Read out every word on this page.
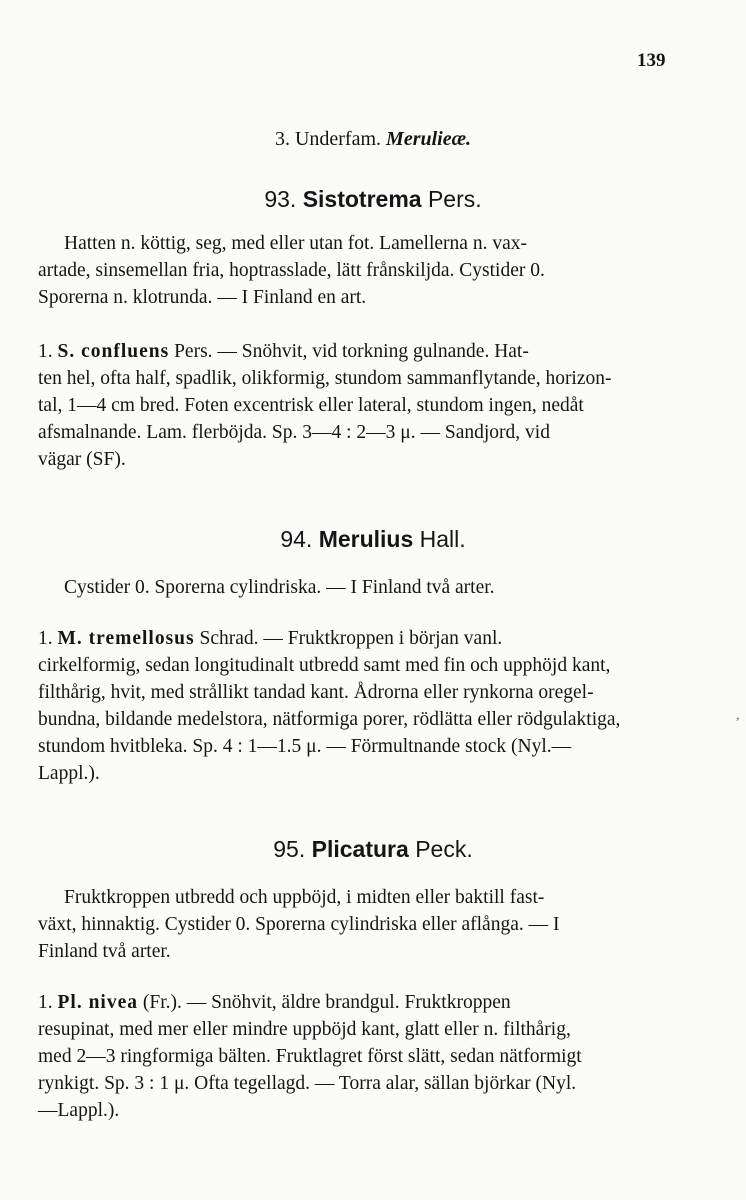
139
3. Underfam. Merulieæ.
93. Sistotrema Pers.
Hatten n. köttig, seg, med eller utan fot. Lamellerna n. vax-
artade, sinsemellan fria, hoptrasslade, lätt frånskiljda. Cystider 0.
Sporerna n. klotrunda. — I Finland en art.
1. S. confluens Pers. — Snöhvit, vid torkning gulnande. Hat-
ten hel, ofta half, spadlik, olikformig, stundom sammanflytande, horizon-
tal, 1—4 cm bred. Foten excentrisk eller lateral, stundom ingen, nedåt
afsmalnande. Lam. flerböjda. Sp. 3—4 : 2—3 μ. — Sandjord, vid
vägar (SF).
94. Merulius Hall.
Cystider 0. Sporerna cylindriska. — I Finland två arter.
1. M. tremellosus Schrad. — Fruktkroppen i början vanl.
cirkelformig, sedan longitudinalt utbredd samt med fin och upphöjd kant,
filthårig, hvit, med strållikt tandad kant. Ådrorna eller rynkorna oregel-
bundna, bildande medelstora, nätformiga porer, rödlätta eller rödgulaktiga,
stundom hvitbleka. Sp. 4 : 1—1.5 μ. — Förmultnande stock (Nyl.—
Lappl.).
95. Plicatura Peck.
Fruktkroppen utbredd och uppböjd, i midten eller baktill fast-
växt, hinnaktig. Cystider 0. Sporerna cylindriska eller aflånga. — I
Finland två arter.
1. Pl. nivea (Fr.). — Snöhvit, äldre brandgul. Fruktkroppen
resupinat, med mer eller mindre uppböjd kant, glatt eller n. filthårig,
med 2—3 ringformiga bälten. Fruktlagret först slätt, sedan nätformigt
rynkigt. Sp. 3 : 1 μ. Ofta tegellagd. — Torra alar, sällan björkar (Nyl.
—Lappl.).
,
